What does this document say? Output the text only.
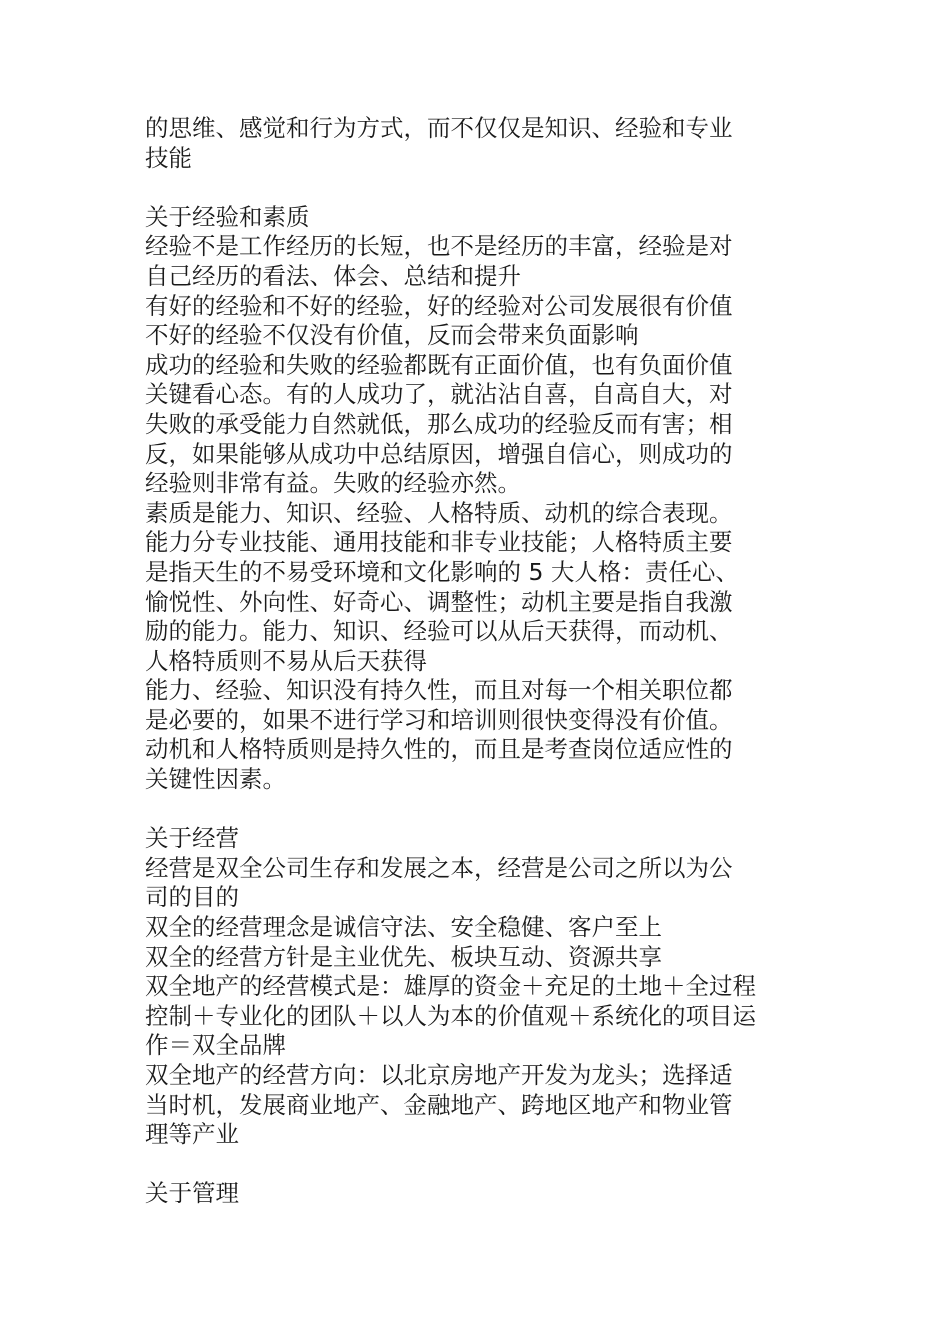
的思维、感觉和行为方式，而不仅仅是知识、经验和专业
技能
关于经验和素质
经验不是工作经历的长短，也不是经历的丰富，经验是对
自己经历的看法、体会、总结和提升
有好的经验和不好的经验，好的经验对公司发展很有价值
不好的经验不仅没有价值，反而会带来负面影响
成功的经验和失败的经验都既有正面价值，也有负面价值
关键看心态。有的人成功了，就沾沾自喜，自高自大，对
失败的承受能力自然就低，那么成功的经验反而有害；相
反，如果能够从成功中总结原因，增强自信心，则成功的
经验则非常有益。失败的经验亦然。
素质是能力、知识、经验、人格特质、动机的综合表现。
能力分专业技能、通用技能和非专业技能；人格特质主要
是指天生的不易受环境和文化影响的 5 大人格：责任心、
愉悦性、外向性、好奇心、调整性；动机主要是指自我激
励的能力。能力、知识、经验可以从后天获得，而动机、
人格特质则不易从后天获得
能力、经验、知识没有持久性，而且对每一个相关职位都
是必要的，如果不进行学习和培训则很快变得没有价值。
动机和人格特质则是持久性的，而且是考查岗位适应性的
关键性因素。
关于经营
经营是双全公司生存和发展之本，经营是公司之所以为公
司的目的
双全的经营理念是诚信守法、安全稳健、客户至上
双全的经营方针是主业优先、板块互动、资源共享
双全地产的经营模式是：雄厚的资金＋充足的土地＋全过程
控制＋专业化的团队＋以人为本的价值观＋系统化的项目运
作＝双全品牌
双全地产的经营方向：以北京房地产开发为龙头；选择适
当时机，发展商业地产、金融地产、跨地区地产和物业管
理等产业
关于管理
